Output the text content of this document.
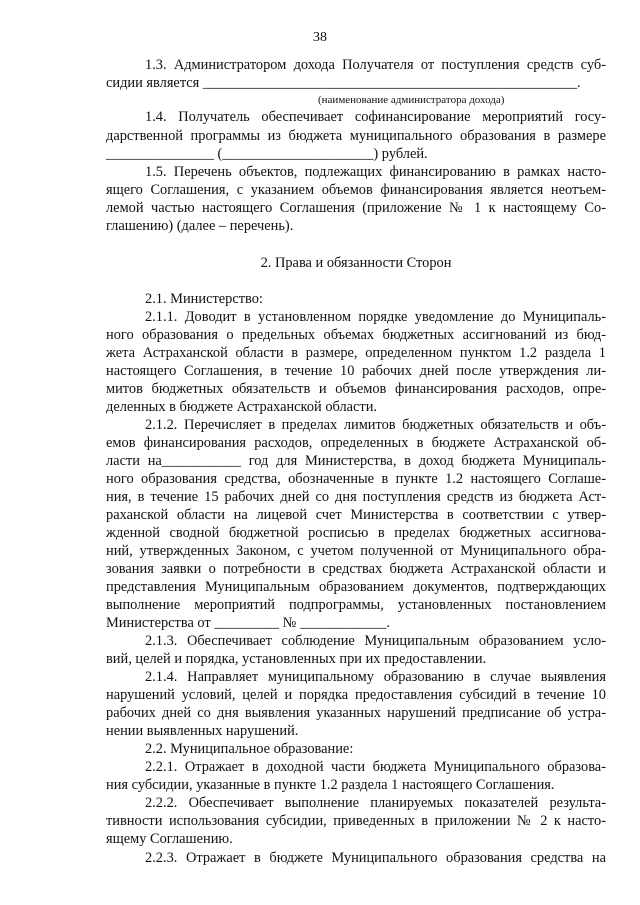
38
1.3. Администратором дохода Получателя от поступления средств суб-
сидии является ____________________________________________________.
(наименование администратора дохода)
1.4. Получатель обеспечивает софинансирование мероприятий госу-
дарственной программы из бюджета муниципального образования в размере
_______________ (_____________________) рублей.
1.5. Перечень объектов, подлежащих финансированию в рамках насто-
ящего Соглашения, с указанием объемов финансирования является неотъем-
лемой частью настоящего Соглашения (приложение № 1 к настоящему Со-
глашению) (далее – перечень).
2. Права и обязанности Сторон
2.1. Министерство:
2.1.1. Доводит в установленном порядке уведомление до Муниципаль-
ного образования о предельных объемах бюджетных ассигнований из бюд-
жета Астраханской области в размере, определенном пунктом 1.2 раздела 1
настоящего Соглашения, в течение 10 рабочих дней после утверждения ли-
митов бюджетных обязательств и объемов финансирования расходов, опре-
деленных в бюджете Астраханской области.
2.1.2. Перечисляет в пределах лимитов бюджетных обязательств и объ-
емов финансирования расходов, определенных в бюджете Астраханской об-
ласти на___________ год для Министерства, в доход бюджета Муниципаль-
ного образования средства, обозначенные в пункте 1.2 настоящего Соглаше-
ния, в течение 15 рабочих дней со дня поступления средств из бюджета Аст-
раханской области на лицевой счет Министерства в соответствии с утвер-
жденной сводной бюджетной росписью в пределах бюджетных ассигнова-
ний, утвержденных Законом, с учетом полученной от Муниципального обра-
зования заявки о потребности в средствах бюджета Астраханской области и
представления Муниципальным образованием документов, подтверждающих
выполнение мероприятий подпрограммы, установленных постановлением
Министерства от _________ № ____________.
2.1.3. Обеспечивает соблюдение Муниципальным образованием усло-
вий, целей и порядка, установленных при их предоставлении.
2.1.4. Направляет муниципальному образованию в случае выявления
нарушений условий, целей и порядка предоставления субсидий в течение 10
рабочих дней со дня выявления указанных нарушений предписание об устра-
нении выявленных нарушений.
2.2. Муниципальное образование:
2.2.1. Отражает в доходной части бюджета Муниципального образова-
ния субсидии, указанные в пункте 1.2 раздела 1 настоящего Соглашения.
2.2.2. Обеспечивает выполнение планируемых показателей результа-
тивности использования субсидии, приведенных в приложении № 2 к насто-
ящему Соглашению.
2.2.3. Отражает в бюджете Муниципального образования средства на
